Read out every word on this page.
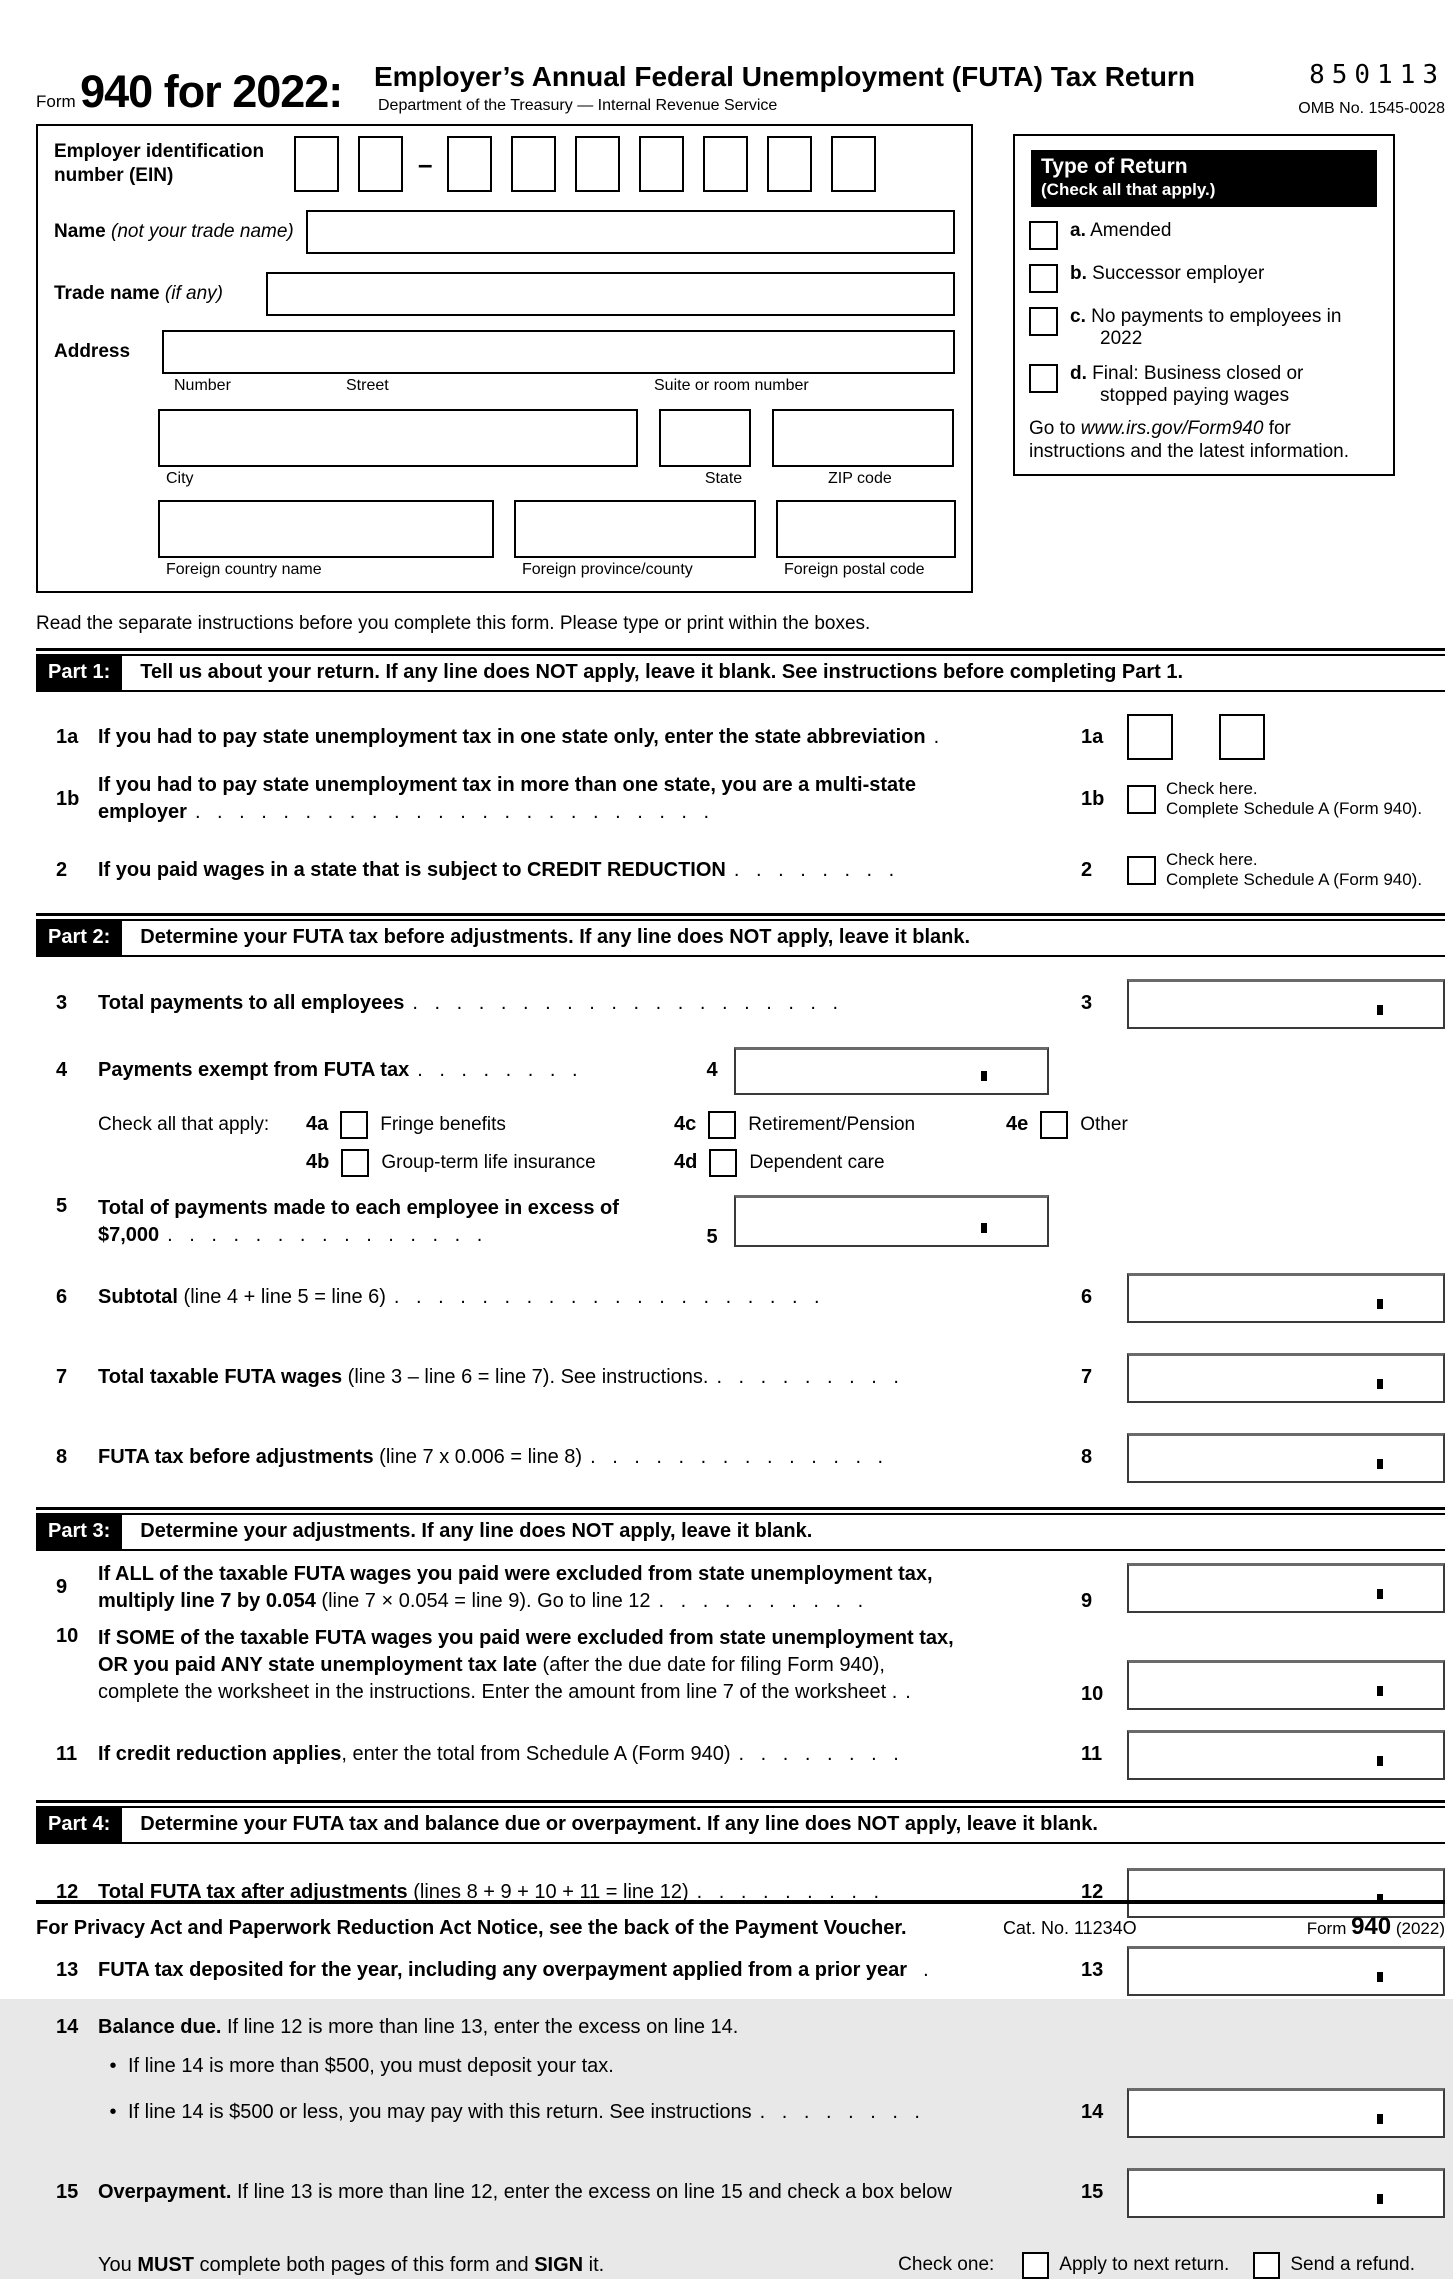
Form 940 for 2022:	Employer’s Annual Federal Unemployment (FUTA) Tax Return
Department of the Treasury — Internal Revenue Service
850113
OMB No. 1545-0028
Employer identification number (EIN)	–
Name (not your trade name)
Trade name (if any)
Address
Number	Street	Suite or room number
City	State	ZIP code
Foreign country name	Foreign province/county	Foreign postal code
Type of Return
(Check all that apply.)
a. Amended
b. Successor employer
c. No payments to employees in 2022
d. Final: Business closed or stopped paying wages
Go to www.irs.gov/Form940 for instructions and the latest information.
Read the separate instructions before you complete this form. Please type or print within the boxes.
Part 1:	Tell us about your return. If any line does NOT apply, leave it blank. See instructions before completing Part 1.
1a If you had to pay state unemployment tax in one state only, enter the state abbreviation .	1a
1b
If you had to pay state unemployment tax in more than one state, you are a multi-state
employer . . . . . . . . . . . . . . . . . . . . . . . .
1b	Check here.
Complete Schedule A (Form 940).
2	If you paid wages in a state that is subject to CREDIT REDUCTION . . . . . . . .	2	Check here.
Complete Schedule A (Form 940).
Part 2:	Determine your FUTA tax before adjustments. If any line does NOT apply, leave it blank.
3	Total payments to all employees . . . . . . . . . . . . . . . . . . . .	3
4	Payments exempt from FUTA tax . . . . . . . .	4
Check all that apply:	4a	Fringe benefits	4c	Retirement/Pension	4e	Other
4b	Group-term life insurance	4d	Dependent care
5	Total of payments made to each employee in excess of
$7,000 . . . . . . . . . . . . . . .	5
6	Subtotal (line 4 + line 5 = line 6) . . . . . . . . . . . . . . . . . . . .	6
7	Total taxable FUTA wages (line 3 – line 6 = line 7). See instructions. . . . . . . . . .	7
8	FUTA tax before adjustments (line 7 x 0.006 = line 8) . . . . . . . . . . . . . .	8
Part 3:	Determine your adjustments. If any line does NOT apply, leave it blank.
9
If ALL of the taxable FUTA wages you paid were excluded from state unemployment tax,
multiply line 7 by 0.054 (line 7 × 0.054 = line 9). Go to line 12 . . . . . . . . . .	9
10 If SOME of the taxable FUTA wages you paid were excluded from state unemployment tax,
OR you paid ANY state unemployment tax late (after the due date for filing Form 940),
complete the worksheet in the instructions. Enter the amount from line 7 of the worksheet . .	10
11	If credit reduction applies, enter the total from Schedule A (Form 940) . . . . . . . .	11
Part 4:	Determine your FUTA tax and balance due or overpayment. If any line does NOT apply, leave it blank.
12 Total FUTA tax after adjustments (lines 8 + 9 + 10 + 11 = line 12) . . . . . . . . .	12
13 FUTA tax deposited for the year, including any overpayment applied from a prior year .	13
14 Balance due. If line 12 is more than line 13, enter the excess on line 14.
• If line 14 is more than $500, you must deposit your tax.
• If line 14 is $500 or less, you may pay with this return. See instructions . . . . . . . .	14
15 Overpayment. If line 13 is more than line 12, enter the excess on line 15 and check a box below	15
You MUST complete both pages of this form and SIGN it.	Check one:	Apply to next return.	Send a refund.
For Privacy Act and Paperwork Reduction Act Notice, see the back of the Payment Voucher.	Cat. No. 11234O	Form 940 (2022)
